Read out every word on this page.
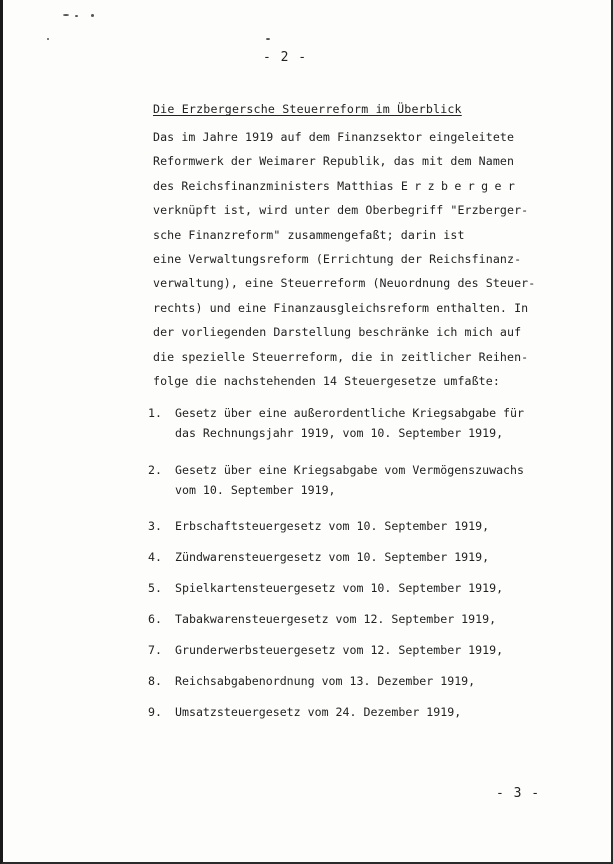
- 2 -
Die Erzbergersche Steuerreform im Überblick
Das im Jahre 1919 auf dem Finanzsektor eingeleitete
Reformwerk der Weimarer Republik, das mit dem Namen
des Reichsfinanzministers Matthias Erzberger
verknüpft ist, wird unter dem Oberbegriff "Erzberger-
sche Finanzreform" zusammengefaßt; darin ist
eine Verwaltungsreform (Errichtung der Reichsfinanz-
verwaltung), eine Steuerreform (Neuordnung des Steuer-
rechts) und eine Finanzausgleichsreform enthalten. In
der vorliegenden Darstellung beschränke ich mich auf
die spezielle Steuerreform, die in zeitlicher Reihen-
folge die nachstehenden 14 Steuergesetze umfaßte:
1. Gesetz über eine außerordentliche Kriegsabgabe für
das Rechnungsjahr 1919, vom 10. September 1919,
2. Gesetz über eine Kriegsabgabe vom Vermögenszuwachs
vom 10. September 1919,
3. Erbschaftsteuergesetz vom 10. September 1919,
4. Zündwarensteuergesetz vom 10. September 1919,
5. Spielkartensteuergesetz vom 10. September 1919,
6. Tabakwarensteuergesetz vom 12. September 1919,
7. Grunderwerbsteuergesetz vom 12. September 1919,
8. Reichsabgabenordnung vom 13. Dezember 1919,
9. Umsatzsteuergesetz vom 24. Dezember 1919,
- 3 -
